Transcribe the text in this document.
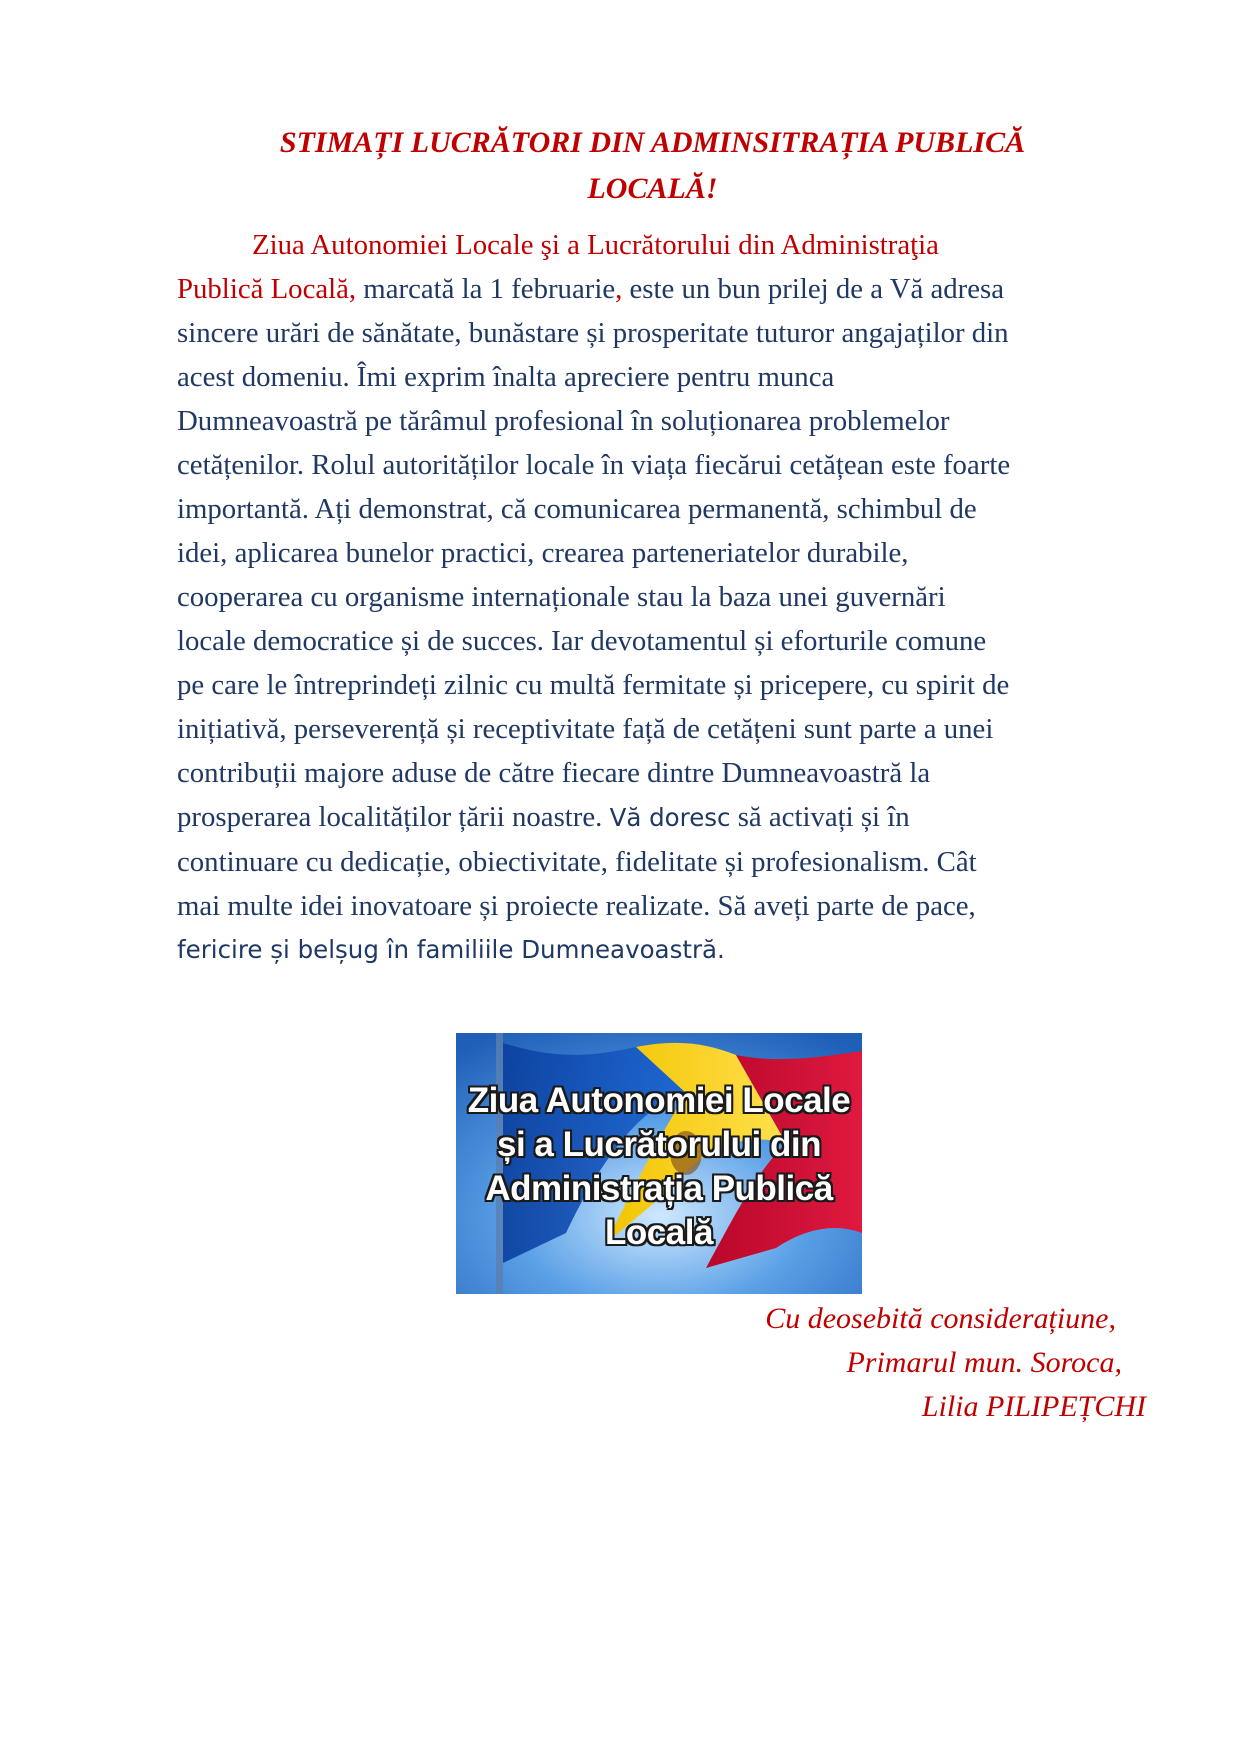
STIMAȚI LUCRĂTORI DIN ADMINSITRAȚIA PUBLICĂ
LOCALĂ!
Ziua Autonomiei Locale şi a Lucrătorului din Administraţia
Publică Locală, marcată la 1 februarie, este un bun prilej de a Vă adresa
sincere urări de sănătate, bunăstare și prosperitate tuturor angajaților din
acest domeniu. Îmi exprim înalta apreciere pentru munca
Dumneavoastră pe tărâmul profesional în soluționarea problemelor
cetățenilor. Rolul autorităților locale în viața fiecărui cetățean este foarte
importantă. Ați demonstrat, că comunicarea permanentă, schimbul de
idei, aplicarea bunelor practici, crearea parteneriatelor durabile,
cooperarea cu organisme internaționale stau la baza unei guvernări
locale democratice și de succes. Iar devotamentul și eforturile comune
pe care le întreprindeți zilnic cu multă fermitate și pricepere, cu spirit de
inițiativă, perseverență și receptivitate față de cetățeni sunt parte a unei
contribuții majore aduse de către fiecare dintre Dumneavoastră la
prosperarea localităților țării noastre. Vă doresc să activați și în
continuare cu dedicație, obiectivitate, fidelitate și profesionalism. Cât
mai multe idei inovatoare și proiecte realizate. Să aveți parte de pace,
fericire și belșug în familiile Dumneavoastră.
Ziua Autonomiei Locale
și a Lucrătorului din
Administrația Publică
Locală
Cu deosebită considerațiune,
Primarul mun. Soroca,
Lilia PILIPEȚCHI
